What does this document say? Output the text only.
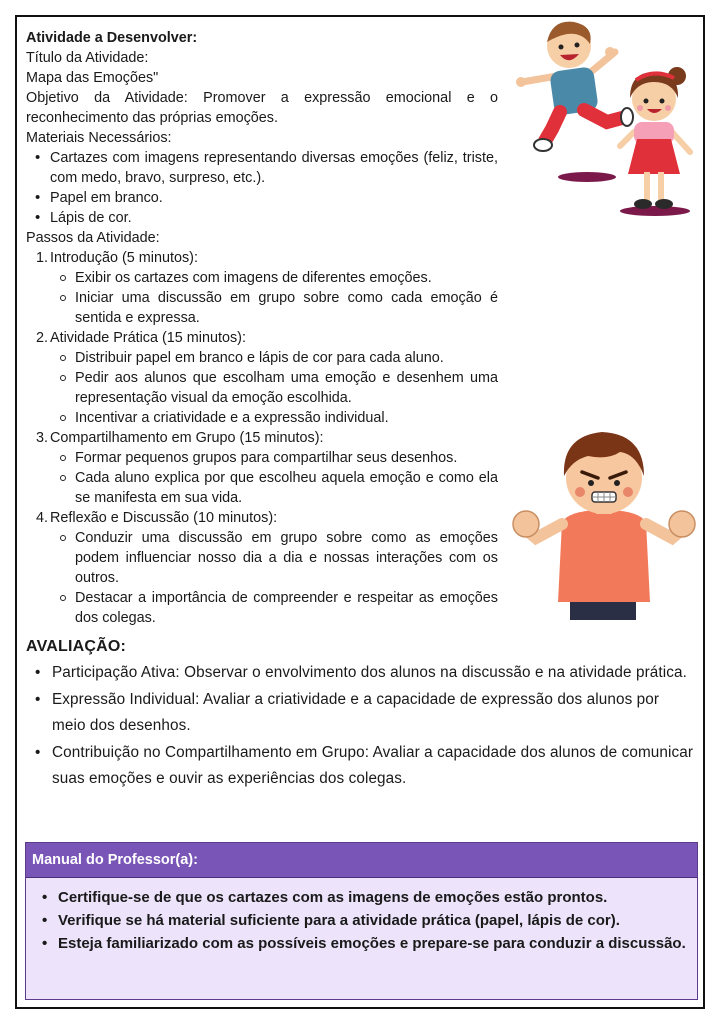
Atividade a Desenvolver:

Título da Atividade:

Mapa das Emoções"

Objetivo da Atividade: Promover a expressão emocional e o reconhecimento das próprias emoções.

Materiais Necessários:

• Cartazes com imagens representando diversas emoções (feliz, triste, com medo, bravo, surpreso, etc.).
• Papel em branco.
• Lápis de cor.

Passos da Atividade:

1. Introdução (5 minutos):
Exibir os cartazes com imagens de diferentes emoções.
Iniciar uma discussão em grupo sobre como cada emoção é sentida e expressa.
2. Atividade Prática (15 minutos):
Distribuir papel em branco e lápis de cor para cada aluno.
Pedir aos alunos que escolham uma emoção e desenhem uma representação visual da emoção escolhida.
Incentivar a criatividade e a expressão individual.
3. Compartilhamento em Grupo (15 minutos):
Formar pequenos grupos para compartilhar seus desenhos.
Cada aluno explica por que escolheu aquela emoção e como ela se manifesta em sua vida.
4. Reflexão e Discussão (10 minutos):
Conduzir uma discussão em grupo sobre como as emoções podem influenciar nosso dia a dia e nossas interações com os outros.
Destacar a importância de compreender e respeitar as emoções dos colegas.
AVALIAÇÃO:
• Participação Ativa: Observar o envolvimento dos alunos na discussão e na atividade prática.
• Expressão Individual: Avaliar a criatividade e a capacidade de expressão dos alunos por meio dos desenhos.
• Contribuição no Compartilhamento em Grupo: Avaliar a capacidade dos alunos de comunicar suas emoções e ouvir as experiências dos colegas.
Manual do Professor(a):
• Certifique-se de que os cartazes com as imagens de emoções estão prontos.
• Verifique se há material suficiente para a atividade prática (papel, lápis de cor).
• Esteja familiarizado com as possíveis emoções e prepare-se para conduzir a discussão.
